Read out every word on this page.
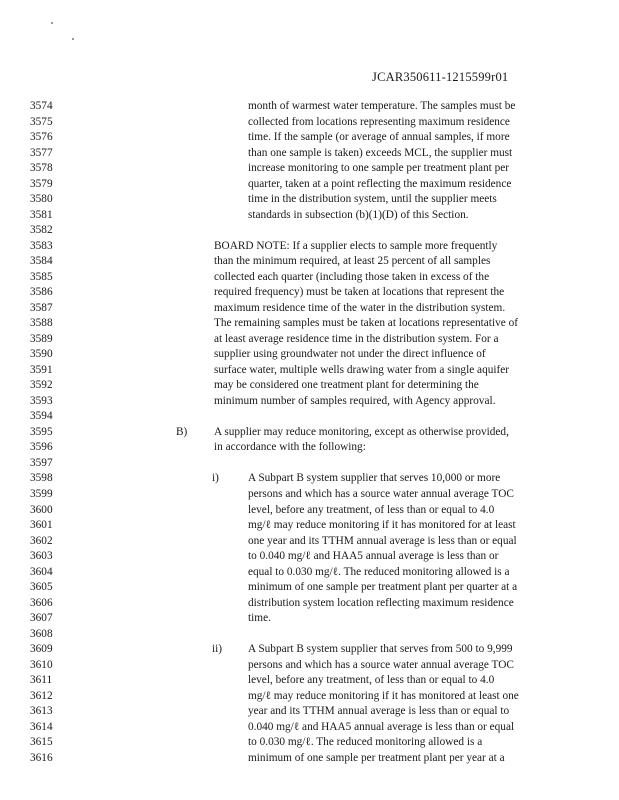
JCAR350611-1215599r01
3574	month of warmest water temperature. The samples must be
3575	collected from locations representing maximum residence
3576	time. If the sample (or average of annual samples, if more
3577	than one sample is taken) exceeds MCL, the supplier must
3578	increase monitoring to one sample per treatment plant per
3579	quarter, taken at a point reflecting the maximum residence
3580	time in the distribution system, until the supplier meets
3581	standards in subsection (b)(1)(D) of this Section.
3582
3583	BOARD NOTE: If a supplier elects to sample more frequently
3584	than the minimum required, at least 25 percent of all samples
3585	collected each quarter (including those taken in excess of the
3586	required frequency) must be taken at locations that represent the
3587	maximum residence time of the water in the distribution system.
3588	The remaining samples must be taken at locations representative of
3589	at least average residence time in the distribution system. For a
3590	supplier using groundwater not under the direct influence of
3591	surface water, multiple wells drawing water from a single aquifer
3592	may be considered one treatment plant for determining the
3593	minimum number of samples required, with Agency approval.
3594
3595	B) A supplier may reduce monitoring, except as otherwise provided,
3596	in accordance with the following:
3597
3598	i)	A Subpart B system supplier that serves 10,000 or more
3599	persons and which has a source water annual average TOC
3600	level, before any treatment, of less than or equal to 4.0
3601	mg/ℓ may reduce monitoring if it has monitored for at least
3602	one year and its TTHM annual average is less than or equal
3603	to 0.040 mg/ℓ and HAA5 annual average is less than or
3604	equal to 0.030 mg/ℓ. The reduced monitoring allowed is a
3605	minimum of one sample per treatment plant per quarter at a
3606	distribution system location reflecting maximum residence
3607	time.
3608
3609	ii) A Subpart B system supplier that serves from 500 to 9,999
3610	persons and which has a source water annual average TOC
3611	level, before any treatment, of less than or equal to 4.0
3612	mg/ℓ may reduce monitoring if it has monitored at least one
3613	year and its TTHM annual average is less than or equal to
3614	0.040 mg/ℓ and HAA5 annual average is less than or equal
3615	to 0.030 mg/ℓ. The reduced monitoring allowed is a
3616	minimum of one sample per treatment plant per year at a
